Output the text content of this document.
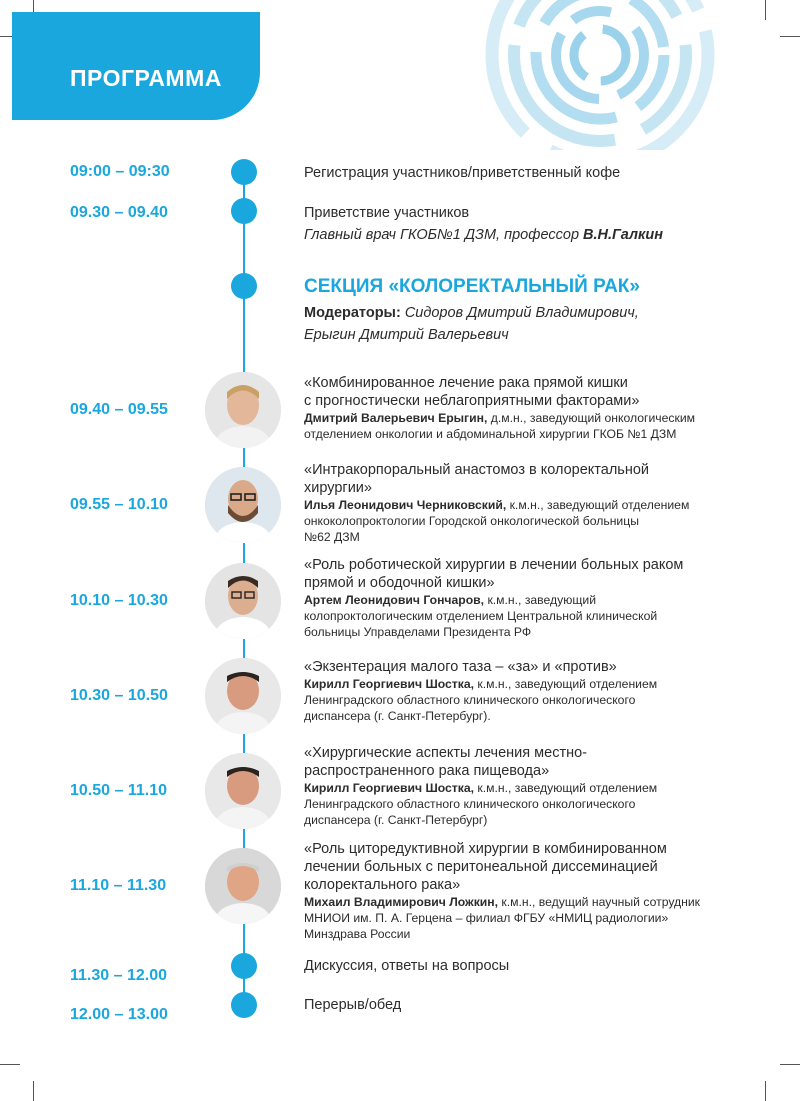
ПРОГРАММА
09:00 – 09:30	Регистрация участников/приветственный кофе
09.30 – 09.40	Приветствие участников
Главный врач ГКОБ№1 ДЗМ, профессор В.Н.Галкин
СЕКЦИЯ «КОЛОРЕКТАЛЬНЫЙ РАК»
Модераторы: Сидоров Дмитрий Владимирович,
Ерыгин Дмитрий Валерьевич
09.40 – 09.55
«Комбинированное лечение рака прямой кишки
с прогностически неблагоприятными факторами»
Дмитрий Валерьевич Ерыгин, д.м.н., заведующий онкологическим
отделением онкологии и абдоминальной хирургии ГКОБ №1 ДЗМ
09.55 – 10.10
«Интракорпоральный анастомоз в колоректальной
хирургии»
Илья Леонидович Черниковский, к.м.н., заведующий отделением
онкоколопроктологии Городской онкологической больницы
№62 ДЗМ
10.10 – 10.30
«Роль роботической хирургии в лечении больных раком
прямой и ободочной кишки»
Артем Леонидович Гончаров, к.м.н., заведующий
колопроктологическим отделением Центральной клинической
больницы Управделами Президента РФ
10.30 – 10.50
«Экзентерация малого таза – «за» и «против»
Кирилл Георгиевич Шостка, к.м.н., заведующий отделением
Ленинградского областного клинического онкологического
диспансера (г. Санкт-Петербург).
10.50 – 11.10
«Хирургические аспекты лечения местно-
распространенного рака пищевода»
Кирилл Георгиевич Шостка, к.м.н., заведующий отделением
Ленинградского областного клинического онкологического
диспансера (г. Санкт-Петербург)
11.10 – 11.30
«Роль циторедуктивной хирургии в комбинированном
лечении больных с перитонеальной диссеминацией
колоректального рака»
Михаил Владимирович Ложкин, к.м.н., ведущий научный сотрудник
МНИОИ им. П. А. Герцена – филиал ФГБУ «НМИЦ радиологии»
Минздрава России
11.30 – 12.00
Дискуссия, ответы на вопросы
12.00 – 13.00
Перерыв/обед
